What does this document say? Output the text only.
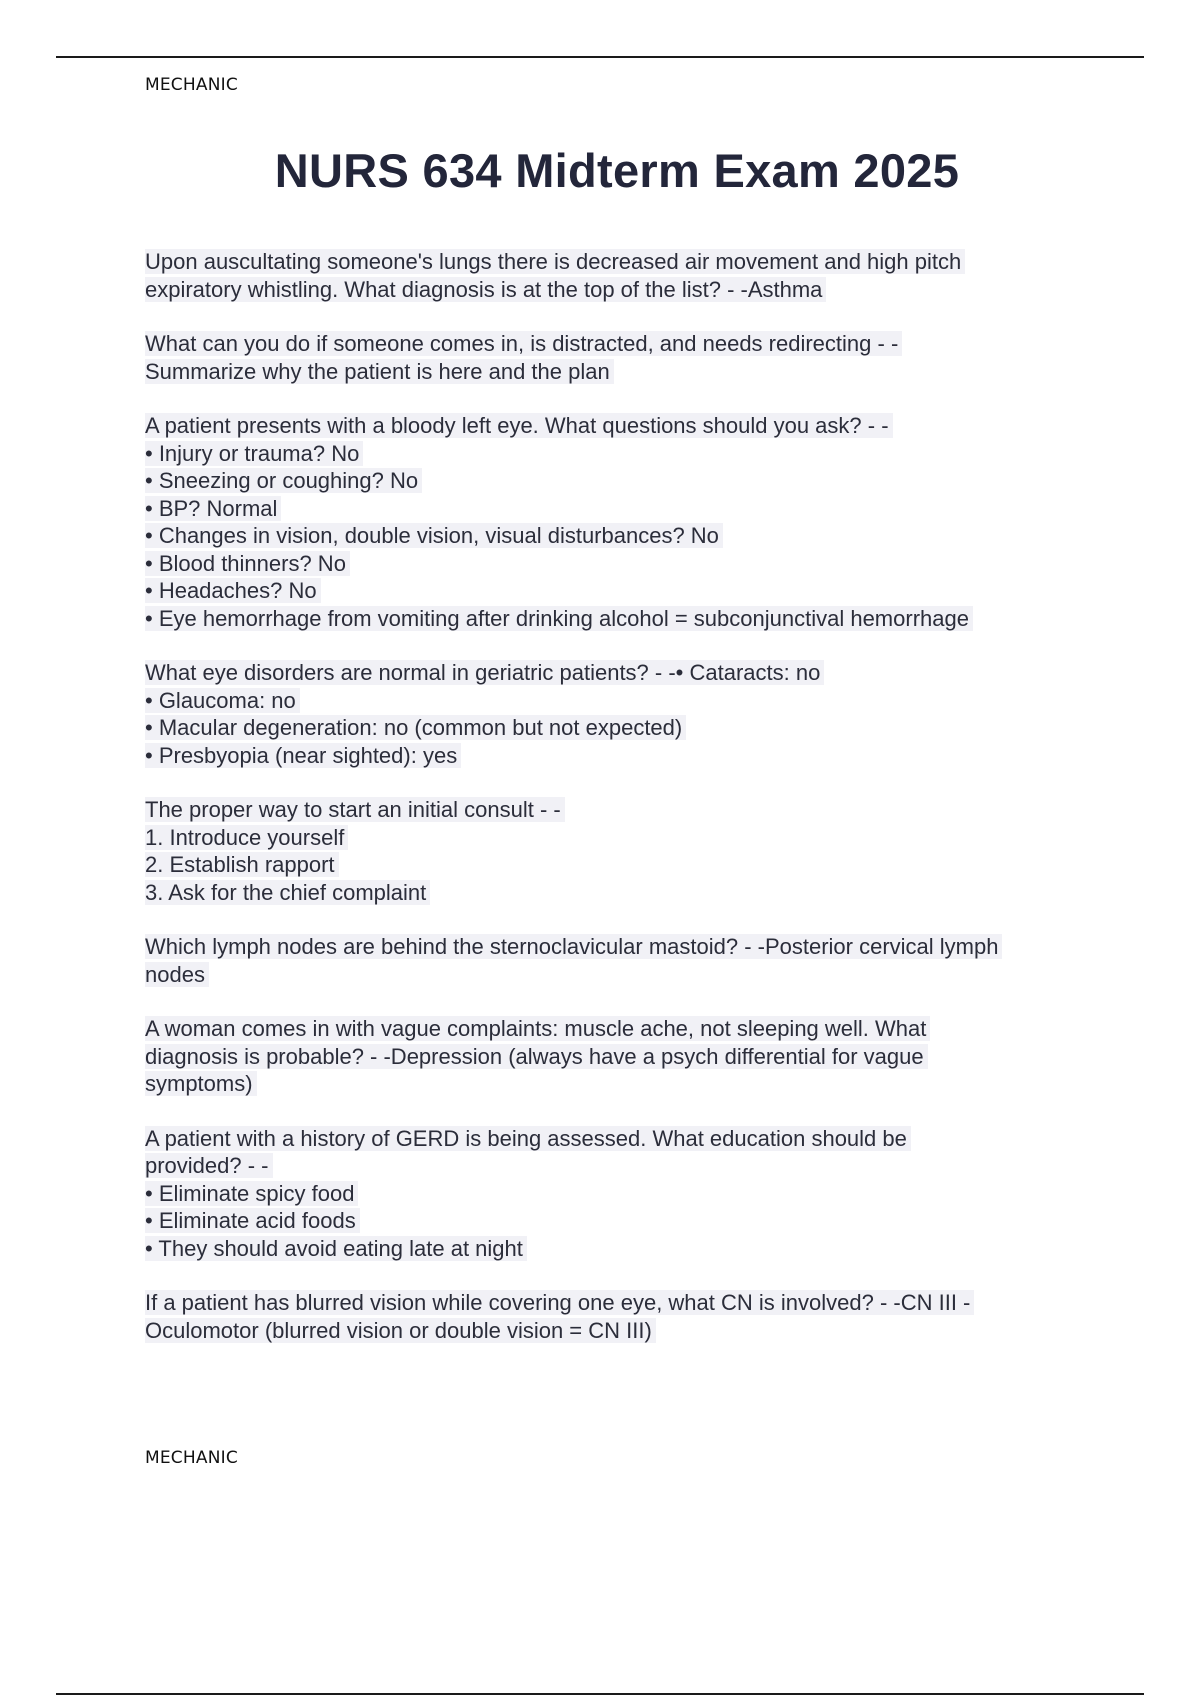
MECHANIC
NURS 634 Midterm Exam 2025
Upon auscultating someone's lungs there is decreased air movement and high pitch
expiratory whistling. What diagnosis is at the top of the list? - -Asthma
What can you do if someone comes in, is distracted, and needs redirecting - -
Summarize why the patient is here and the plan
A patient presents with a bloody left eye. What questions should you ask? - -
• Injury or trauma? No
• Sneezing or coughing? No
• BP? Normal
• Changes in vision, double vision, visual disturbances? No
• Blood thinners? No
• Headaches? No
• Eye hemorrhage from vomiting after drinking alcohol = subconjunctival hemorrhage
What eye disorders are normal in geriatric patients? - -• Cataracts: no
• Glaucoma: no
• Macular degeneration: no (common but not expected)
• Presbyopia (near sighted): yes
The proper way to start an initial consult - -
1. Introduce yourself
2. Establish rapport
3. Ask for the chief complaint
Which lymph nodes are behind the sternoclavicular mastoid? - -Posterior cervical lymph
nodes
A woman comes in with vague complaints: muscle ache, not sleeping well. What
diagnosis is probable? - -Depression (always have a psych differential for vague
symptoms)
A patient with a history of GERD is being assessed. What education should be
provided? - -
• Eliminate spicy food
• Eliminate acid foods
• They should avoid eating late at night
If a patient has blurred vision while covering one eye, what CN is involved? - -CN III -
Oculomotor (blurred vision or double vision = CN III)
MECHANIC
